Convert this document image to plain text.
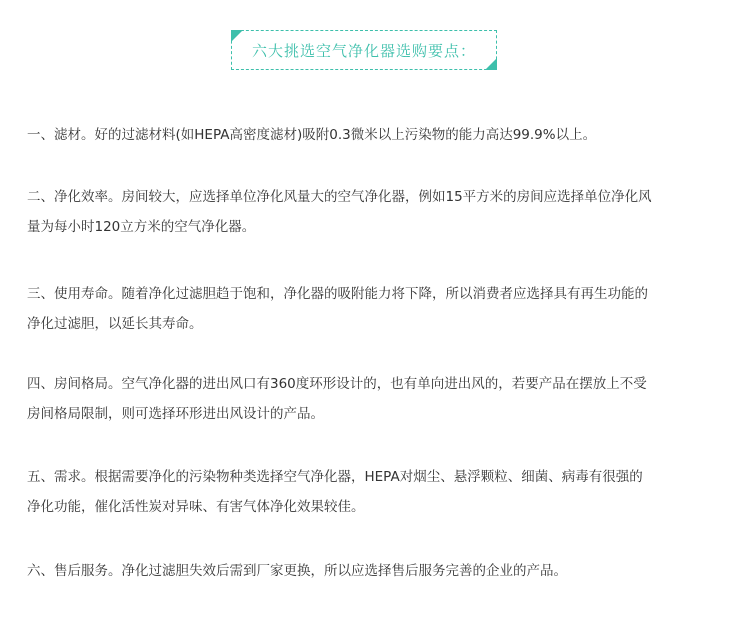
六大挑选空气净化器选购要点：

一、滤材。好的过滤材料(如HEPA高密度滤材)吸附0.3微米以上污染物的能力高达99.9%以上。

二、净化效率。房间较大，应选择单位净化风量大的空气净化器，例如15平方米的房间应选择单位净化风
量为每小时120立方米的空气净化器。

三、使用寿命。随着净化过滤胆趋于饱和，净化器的吸附能力将下降，所以消费者应选择具有再生功能的
净化过滤胆，以延长其寿命。

四、房间格局。空气净化器的进出风口有360度环形设计的，也有单向进出风的，若要产品在摆放上不受
房间格局限制，则可选择环形进出风设计的产品。

五、需求。根据需要净化的污染物种类选择空气净化器，HEPA对烟尘、悬浮颗粒、细菌、病毒有很强的
净化功能，催化活性炭对异味、有害气体净化效果较佳。

六、售后服务。净化过滤胆失效后需到厂家更换，所以应选择售后服务完善的企业的产品。
